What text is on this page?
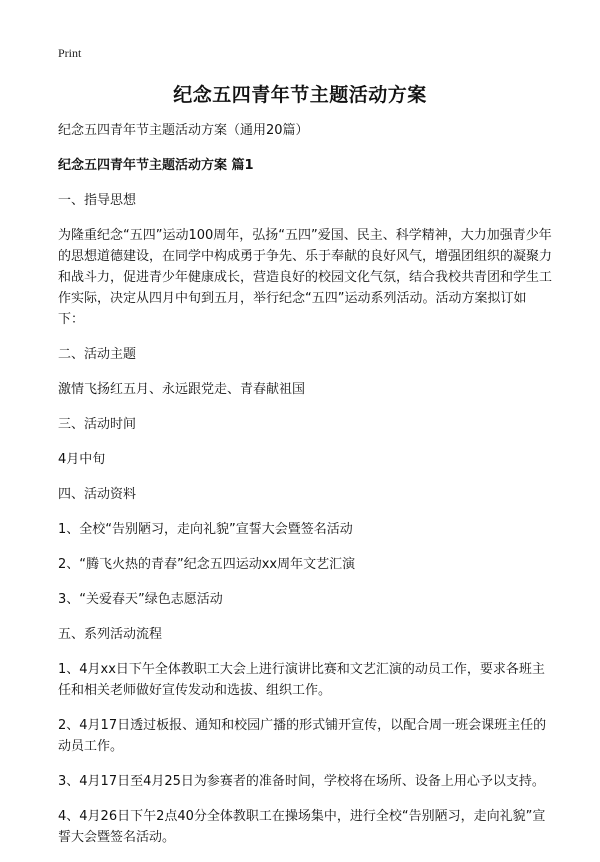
Print
纪念五四青年节主题活动方案
纪念五四青年节主题活动方案（通用20篇）
纪念五四青年节主题活动方案 篇1
一、指导思想
为隆重纪念“五四”运动100周年，弘扬“五四”爱国、民主、科学精神，大力加强青少年的思想道德建设，在同学中构成勇于争先、乐于奉献的良好风气，增强团组织的凝聚力和战斗力，促进青少年健康成长，营造良好的校园文化气氛，结合我校共青团和学生工作实际，决定从四月中旬到五月，举行纪念“五四”运动系列活动。活动方案拟订如下：
二、活动主题
激情飞扬红五月、永远跟党走、青春献祖国
三、活动时间
4月中旬
四、活动资料
1、全校“告别陋习，走向礼貌”宣誓大会暨签名活动
2、“腾飞火热的青春”纪念五四运动xx周年文艺汇演
3、“关爱春天”绿色志愿活动
五、系列活动流程
1、4月xx日下午全体教职工大会上进行演讲比赛和文艺汇演的动员工作，要求各班主任和相关老师做好宣传发动和选拔、组织工作。
2、4月17日透过板报、通知和校园广播的形式铺开宣传，以配合周一班会课班主任的动员工作。
3、4月17日至4月25日为参赛者的准备时间，学校将在场所、设备上用心予以支持。
4、4月26日下午2点40分全体教职工在操场集中，进行全校“告别陋习，走向礼貌”宣誓大会暨签名活动。
